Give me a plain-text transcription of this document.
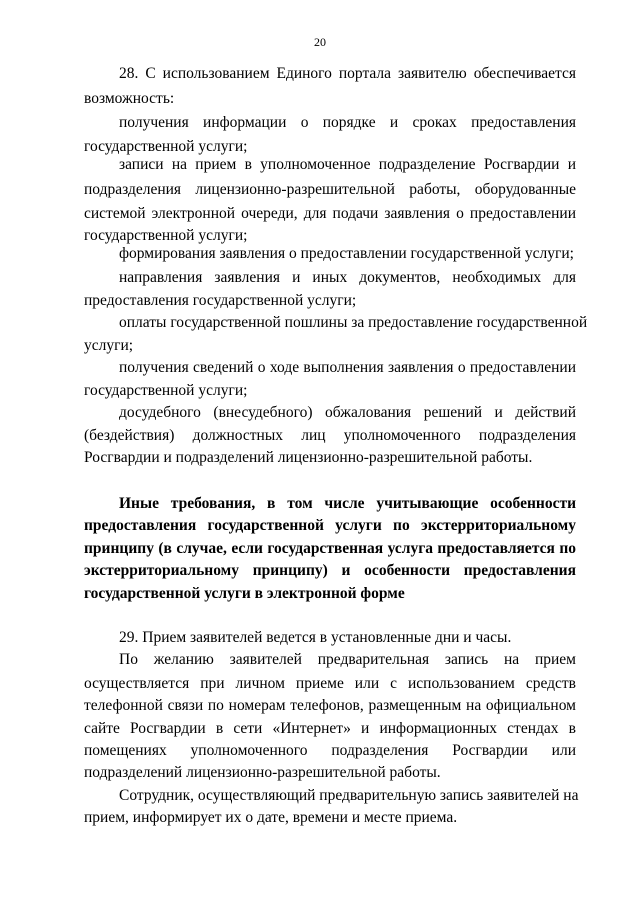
20
28. С использованием Единого портала заявителю обеспечивается
возможность:
получения информации о порядке и сроках предоставления
государственной услуги;
записи на прием в уполномоченное подразделение Росгвардии и
подразделения лицензионно-разрешительной работы, оборудованные
системой электронной очереди, для подачи заявления о предоставлении
государственной услуги;
формирования заявления о предоставлении государственной услуги;
направления заявления и иных документов, необходимых для
предоставления государственной услуги;
оплаты государственной пошлины за предоставление государственной
услуги;
получения сведений о ходе выполнения заявления о предоставлении
государственной услуги;
досудебного (внесудебного) обжалования решений и действий
(бездействия) должностных лиц уполномоченного подразделения
Росгвардии и подразделений лицензионно-разрешительной работы.
Иные требования, в том числе учитывающие особенности
предоставления государственной услуги по экстерриториальному
принципу (в случае, если государственная услуга предоставляется по
экстерриториальному принципу) и особенности предоставления
государственной услуги в электронной форме
29. Прием заявителей ведется в установленные дни и часы.
По желанию заявителей предварительная запись на прием
осуществляется при личном приеме или с использованием средств
телефонной связи по номерам телефонов, размещенным на официальном
сайте Росгвардии в сети «Интернет» и информационных стендах в
помещениях уполномоченного подразделения Росгвардии или
подразделений лицензионно-разрешительной работы.
Сотрудник, осуществляющий предварительную запись заявителей на
прием, информирует их о дате, времени и месте приема.
